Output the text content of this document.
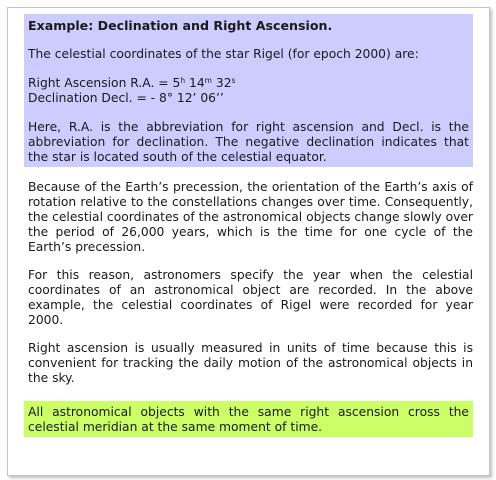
Example: Declination and Right Ascension.

The celestial coordinates of the star Rigel (for epoch 2000) are:

Right Ascension R.A. = $5^h$ 14$^m$ 32$^s$
Declination Decl. = - 8° 12’ 06’’

Here, R.A. is the abbreviation for right ascension and Decl. is the abbreviation for declination. The negative declination indicates that the star is located south of the celestial equator.

Because of the Earth’s precession, the orientation of the Earth’s axis of rotation relative to the constellations changes over time. Consequently, the celestial coordinates of the astronomical objects change slowly over the period of 26,000 years, which is the time for one cycle of the Earth’s precession.

For this reason, astronomers specify the year when the celestial coordinates of an astronomical object are recorded. In the above example, the celestial coordinates of Rigel were recorded for year 2000.

Right ascension is usually measured in units of time because this is convenient for tracking the daily motion of the astronomical objects in the sky.

All astronomical objects with the same right ascension cross the celestial meridian at the same moment of time.
